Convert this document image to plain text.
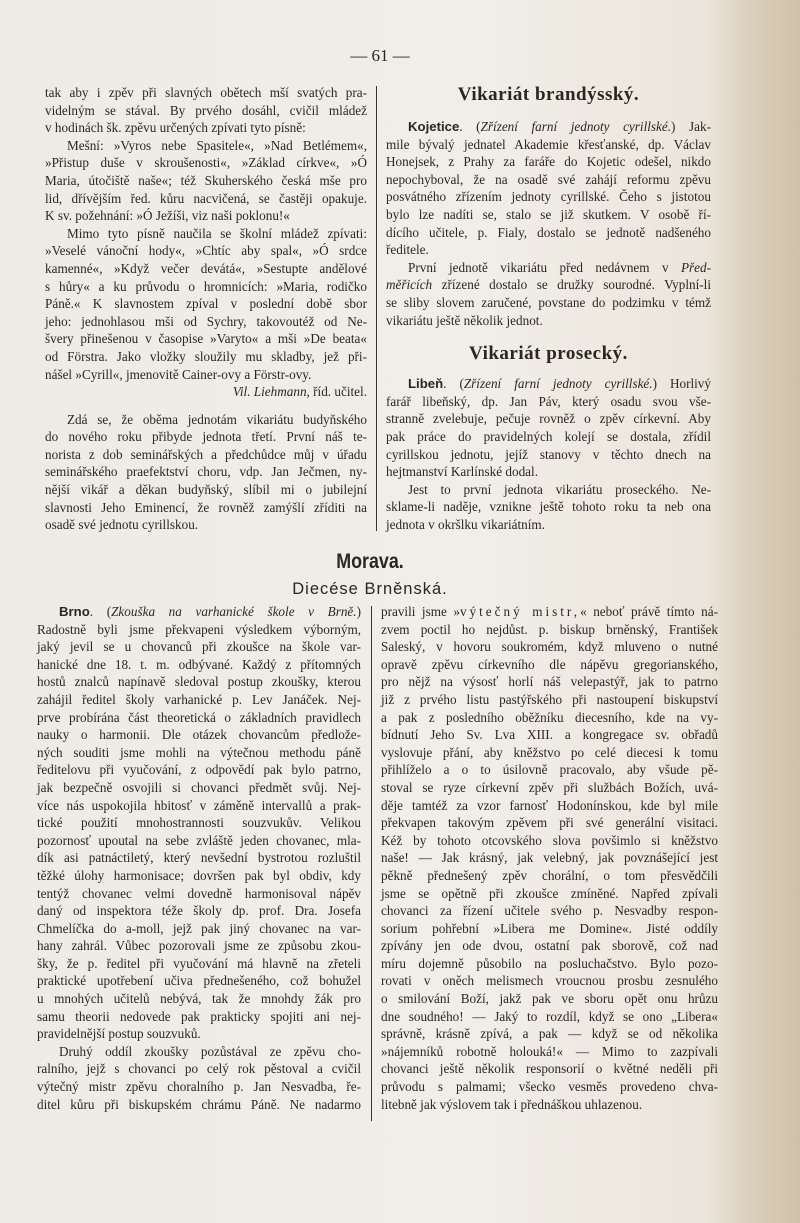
— 61 —
tak aby i zpěv při slavných obětech mší svatých pra-
videlným se stával. By prvého dosáhl, cvičil mládež
v hodinách šk. zpěvu určených zpívati tyto písně:
Mešní: »Vyros nebe Spasitele«, »Nad Betlémem«,
»Přistup duše v skroušenosti«, »Základ církve«, »Ó
Maria, útočiště naše«; též Skuherského česká mše pro
lid, dřívějším řed. kůru nacvičená, se častěji opakuje.
K sv. požehnání: »Ó Ježíši, viz naši poklonu!«
Mimo tyto písně naučila se školní mládež zpívati:
»Veselé vánoční hody«, »Chtíc aby spal«, »Ó srdce
kamenné«, »Když večer devátá«, »Sestupte andělové
s hůry« a ku průvodu o hromnicích: »Maria, rodičko
Páně.« K slavnostem zpíval v poslední době sbor
jeho: jednohlasou mši od Sychry, takovoutéž od Ne-
švery přinešenou v časopise »Varyto« a mši »De beata«
od Förstra. Jako vložky sloužily mu skladby, jež při-
nášel »Cyrill«, jmenovitě Cainer-ovy a Förstr-ovy.
Vil. Liehmann, říd. učitel.
Zdá se, že oběma jednotám vikariátu budyňského
do nového roku přibyde jednota třetí. První náš te-
norista z dob seminářských a předchůdce můj v úřadu
seminářského praefektství choru, vdp. Jan Ječmen, ny-
nější vikář a děkan budyňský, slíbil mi o jubilejní
slavnosti Jeho Eminencí, že rovněž zamýšlí zříditi na
osadě své jednotu cyrillskou.
Vikariát brandýsský.
Kojetice. (Zřízení farní jednoty cyrillské.) Jak-
mile bývalý jednatel Akademie křesťanské, dp. Václav
Honejsek, z Prahy za faráře do Kojetic odešel, nikdo
nepochyboval, že na osadě své zahájí reformu zpěvu
posvátného zřízením jednoty cyrillské. Čeho s jistotou
bylo lze nadíti se, stalo se již skutkem. V osobě ří-
dícího učitele, p. Fialy, dostalo se jednotě nadšeného
ředitele.
První jednotě vikariátu před nedávnem v Před-
měřicích zřízené dostalo se družky sourodné. Vyplní-li
se sliby slovem zaručené, povstane do podzimku v témž
vikariátu ještě několik jednot.
Vikariát prosecký.
Libeň. (Zřízení farní jednoty cyrillské.) Horlivý
farář libeňský, dp. Jan Páv, který osadu svou vše-
stranně zvelebuje, pečuje rovněž o zpěv církevní. Aby
pak práce do pravidelných kolejí se dostala, zřídil
cyrillskou jednotu, jejíž stanovy v těchto dnech na
hejtmanství Karlínské dodal.
Jest to první jednota vikariátu proseckého. Ne-
sklame-li naděje, vznikne ještě tohoto roku ta neb ona
jednota v okršlku vikariátním.
Morava.
Diecése Brněnská.
Brno. (Zkouška na varhanické škole v Brně.)
Radostně byli jsme překvapeni výsledkem výborným,
jaký jevil se u chovanců při zkoušce na škole var-
hanické dne 18. t. m. odbývané. Každý z přítomných
hostů znalců napínavě sledoval postup zkoušky, kterou
zahájil ředitel školy varhanické p. Lev Janáček. Nej-
prve probírána část theoretická o základních pravidlech
nauky o harmonii. Dle otázek chovancům předlože-
ných souditi jsme mohli na výtečnou methodu páně
ředitelovu při vyučování, z odpovědí pak bylo patrno,
jak bezpečně osvojili si chovanci předmět svůj. Nej-
více nás uspokojila hbitosť v záměně intervallů a prak-
tické použití mnohostrannosti souzvukův. Velikou
pozornosť upoutal na sebe zvláště jeden chovanec, mla-
dík asi patnáctiletý, který nevšední bystrotou rozluštil
těžké úlohy harmonisace; dovršen pak byl obdiv, kdy
tentýž chovanec velmi dovedně harmonisoval nápěv
daný od inspektora téže školy dp. prof. Dra. Josefa
Chmelíčka do a-moll, jejž pak jiný chovanec na var-
hany zahrál. Vůbec pozorovali jsme ze způsobu zkou-
šky, že p. ředitel při vyučování má hlavně na zřeteli
praktické upotřebení učiva přednešeného, což bohužel
u mnohých učitelů nebývá, tak že mnohdy žák pro
samu theorii nedovede pak prakticky spojiti ani nej-
pravidelnější postup souzvuků.
Druhý oddíl zkoušky pozůstával ze zpěvu cho-
ralního, jejž s chovanci po celý rok pěstoval a cvičil
výtečný mistr zpěvu choralního p. Jan Nesvadba, ře-
ditel kůru při biskupském chrámu Páně. Ne nadarmo
pravili jsme »výtečný mistr,« neboť právě tímto ná-
zvem poctil ho nejdůst. p. biskup brněnský, František
Saleský, v hovoru soukromém, když mluveno o nutné
opravě zpěvu církevního dle nápěvu gregorianského,
pro nějž na výsosť horlí náš velepastýř, jak to patrno
již z prvého listu pastýřského při nastoupení biskupství
a pak z posledního oběžníku diecesního, kde na vy-
bídnutí Jeho Sv. Lva XIII. a kongregace sv. obřadů
vyslovuje přání, aby kněžstvo po celé diecesi k tomu
přihlíželo a o to úsilovně pracovalo, aby všude pě-
stoval se ryze církevní zpěv při službách Božích, uvá-
děje tamtéž za vzor farnosť Hodonínskou, kde byl mile
překvapen takovým zpěvem při své generální visitaci.
Kéž by tohoto otcovského slova povšimlo si kněžstvo
naše! — Jak krásný, jak velebný, jak povznášející jest
pěkně přednešený zpěv chorální, o tom přesvědčili
jsme se opětně při zkoušce zmíněné. Napřed zpívali
chovanci za řízení učitele svého p. Nesvadby respon-
sorium pohřební »Libera me Domine«. Jisté oddíly
zpívány jen ode dvou, ostatní pak sborově, což nad
míru dojemně působilo na posluchačstvo. Bylo pozo-
rovati v oněch melismech vroucnou prosbu zesnulého
o smilování Boží, jakž pak ve sboru opět onu hrůzu
dne soudného! — Jaký to rozdíl, když se ono „Libera«
správně, krásně zpívá, a pak — když se od několika
»nájemníků robotně holouká!« — Mimo to zazpívali
chovanci ještě několik responsorií o květné neděli při
průvodu s palmami; všecko vesměs provedeno chva-
litebně jak výslovem tak i přednáškou uhlazenou.
